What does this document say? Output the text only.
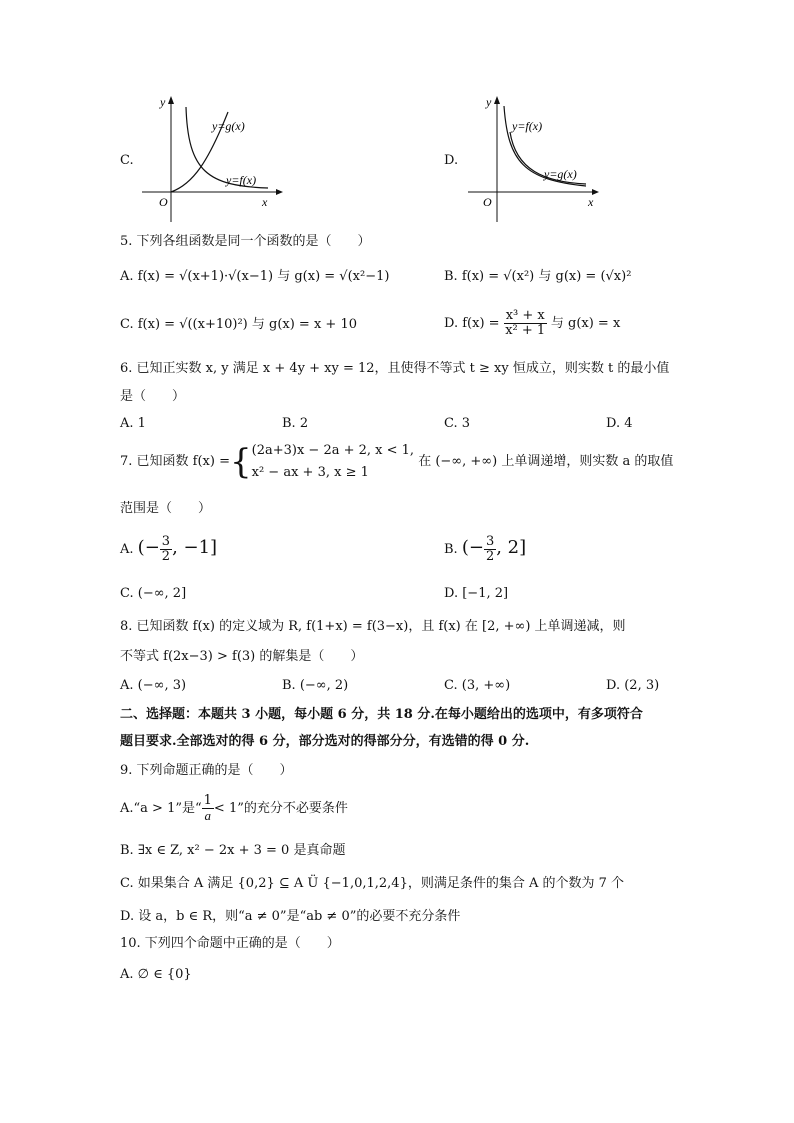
C.
y
x
O
y=g(x)
y=f(x)
D.
y
x
O
y=f(x)
y=g(x)
5. 下列各组函数是同一个函数的是（　　）
A. f(x) = √(x+1)·√(x−1) 与 g(x) = √(x²−1)	B. f(x) = √(x²) 与 g(x) = (√x)²
C. f(x) = √((x+10)²) 与 g(x) = x + 10	D. $f(x) = \frac{\text{x³ + x}}{\text{x² + 1}}$ 与 g(x) = x
6. 已知正实数 x, y 满足 x + 4y + xy = 12，且使得不等式 t ≥ xy 恒成立，则实数 t 的最小值
是（　　）
A. 1	B. 2	C. 3	D. 4
7. 已知函数 f(x) ={ (2a+3)x − 2a + 2, x < 1,
x² − ax + 3, x ≥ 1
在 (−∞, +∞) 上单调递增，则实数 a 的取值
范围是（　　）
A. (− $\frac{3}{2}$ , −1]	B. (− $\frac{3}{2}$ , 2]
C. (−∞, 2]	D. [−1, 2]
8. 已知函数 f(x) 的定义域为 R, f(1+x) = f(3−x)，且 f(x) 在 [2, +∞) 上单调递减，则
不等式 f(2x−3) > f(3) 的解集是（　　）
A. (−∞, 3)	B. (−∞, 2)	C. (3, +∞)	D. (2, 3)
二、选择题：本题共 3 小题，每小题 6 分，共 18 分.在每小题给出的选项中，有多项符合
题目要求.全部选对的得 6 分，部分选对的得部分分，有选错的得 0 分.
9. 下列命题正确的是（　　）
A.“a > 1”是“ $\frac{1}{a} < 1$”的充分不必要条件
B. ∃x ∈ Z, x² − 2x + 3 = 0 是真命题
C. 如果集合 A 满足 {0,2} ⊆ A Ü {−1,0,1,2,4}，则满足条件的集合 A 的个数为 7 个
D. 设 a，b ∈ R，则“a ≠ 0”是“ab ≠ 0”的必要不充分条件
10. 下列四个命题中正确的是（　　）
A. ∅ ∈ {0}
